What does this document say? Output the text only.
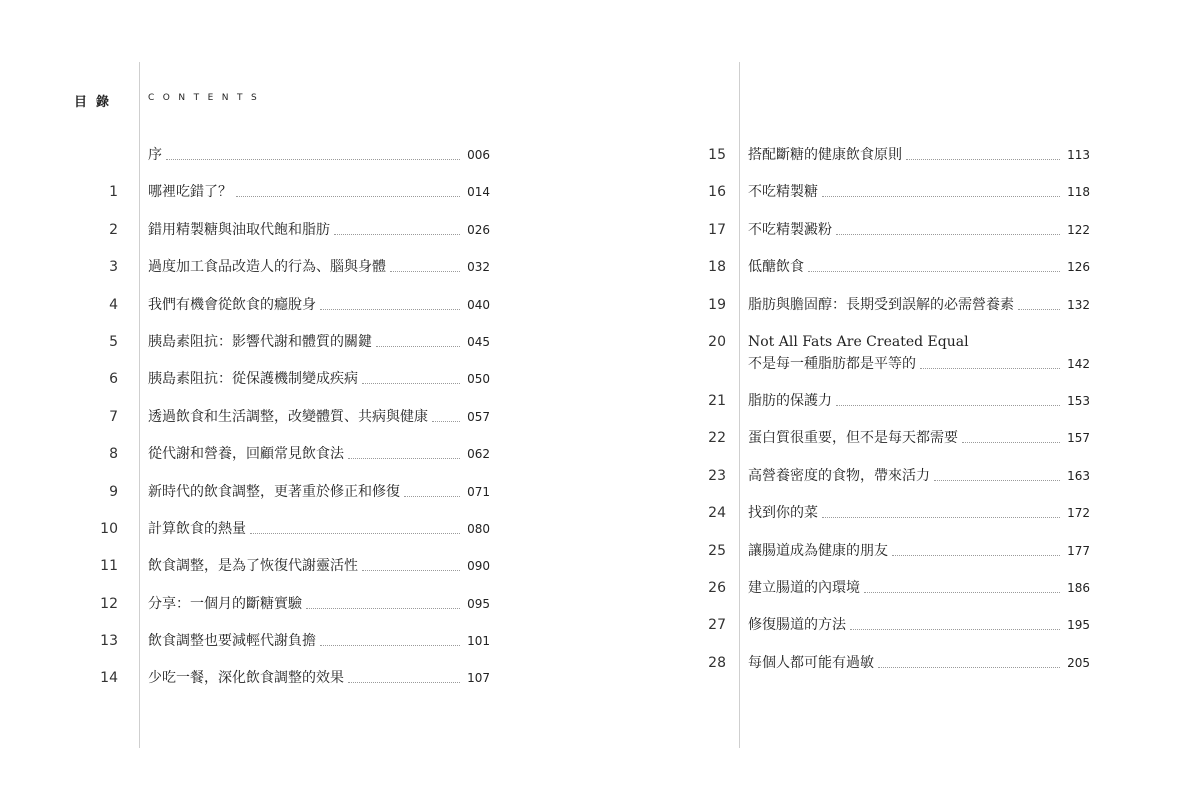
目錄	CONTENTS
序	006
1 哪裡吃錯了？	014
2 錯用精製糖與油取代飽和脂肪	026
3 過度加工食品改造人的行為、腦與身體	032
4 我們有機會從飲食的癮脫身	040
5 胰島素阻抗：影響代謝和體質的關鍵	045
6 胰島素阻抗：從保護機制變成疾病	050
7 透過飲食和生活調整，改變體質、共病與健康	057
8 從代謝和營養，回顧常見飲食法	062
9 新時代的飲食調整，更著重於修正和修復	071
10 計算飲食的熱量	080
11 飲食調整，是為了恢復代謝靈活性	090
12 分享：一個月的斷糖實驗	095
13 飲食調整也要減輕代謝負擔	101
14 少吃一餐，深化飲食調整的效果	107
15 搭配斷糖的健康飲食原則	113
16 不吃精製糖	118
17 不吃精製澱粉	122
18 低醣飲食	126
19 脂肪與膽固醇：長期受到誤解的必需營養素	132
20 Not All Fats Are Created Equal
不是每一種脂肪都是平等的	142
21 脂肪的保護力	153
22 蛋白質很重要，但不是每天都需要	157
23 高營養密度的食物，帶來活力	163
24 找到你的菜	172
25 讓腸道成為健康的朋友	177
26 建立腸道的內環境	186
27 修復腸道的方法	195
28 每個人都可能有過敏	205
